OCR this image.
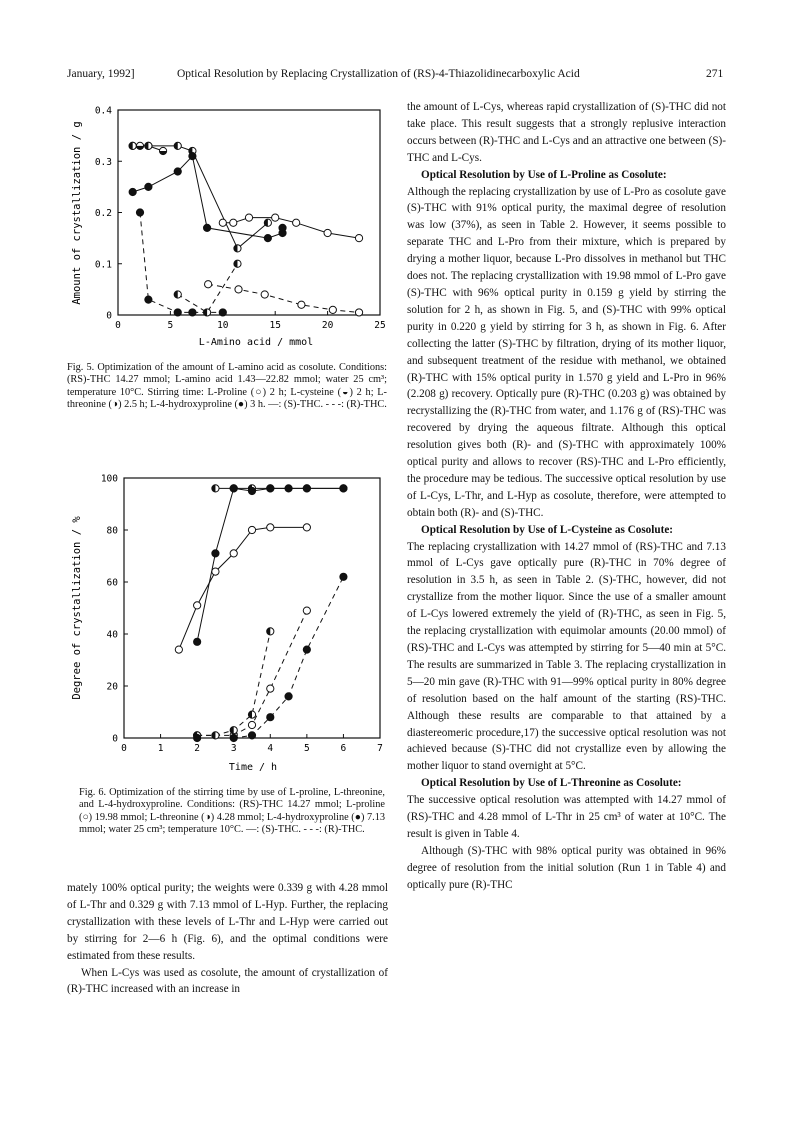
January, 1992]	Optical Resolution by Replacing Crystallization of (RS)-4-Thiazolidinecarboxylic Acid	271
0.4
0.3
0.2
0.1
0
0	5	10	15	20	25
Amount of crystallization / g
L-Amino acid / mmol

Fig. 5. Optimization of the amount of L-amino acid as cosolute. Conditions: (RS)-THC 14.27 mmol; L-amino acid 1.43—22.82 mmol; water 25 cm³; temperature 10°C. Stirring time: L-Proline (○) 2 h; L-cysteine (◒) 2 h; L-threonine (◑) 2.5 h; L-4-hydroxyproline (●) 3 h. —: (S)-THC. - - -: (R)-THC.

100
80
60
40
20
0
0	1	2	3	4	5	6	7
Degree of crystallization / %
Time / h

Fig. 6. Optimization of the stirring time by use of L-proline, L-threonine, and L-4-hydroxyproline. Conditions: (RS)-THC 14.27 mmol; L-proline (○) 19.98 mmol; L-threonine (◑) 4.28 mmol; L-4-hydroxyproline (●) 7.13 mmol; water 25 cm³; temperature 10°C. —: (S)-THC. - - -: (R)-THC.

mately 100% optical purity; the weights were 0.339 g with 4.28 mmol of L-Thr and 0.329 g with 7.13 mmol of L-Hyp. Further, the replacing crystallization with these levels of L-Thr and L-Hyp were carried out by stirring for 2—6 h (Fig. 6), and the optimal conditions were estimated from these results.

When L-Cys was used as cosolute, the amount of crystallization of (R)-THC increased with an increase in

the amount of L-Cys, whereas rapid crystallization of (S)-THC did not take place. This result suggests that a strongly replusive interaction occurs between (R)-THC and L-Cys and an attractive one between (S)-THC and L-Cys.

Optical Resolution by Use of L-Proline as Cosolute:

Although the replacing crystallization by use of L-Pro as cosolute gave (S)-THC with 91% optical purity, the maximal degree of resolution was low (37%), as seen in Table 2. However, it seems possible to separate THC and L-Pro from their mixture, which is prepared by drying a mother liquor, because L-Pro dissolves in methanol but THC does not. The replacing crystallization with 19.98 mmol of L-Pro gave (S)-THC with 96% optical purity in 0.159 g yield by stirring the solution for 2 h, as shown in Fig. 5, and (S)-THC with 99% optical purity in 0.220 g yield by stirring for 3 h, as shown in Fig. 6. After collecting the latter (S)-THC by filtration, drying of its mother liquor, and subsequent treatment of the residue with methanol, we obtained (R)-THC with 15% optical purity in 1.570 g yield and L-Pro in 96% (2.208 g) recovery. Optically pure (R)-THC (0.203 g) was obtained by recrystallizing the (R)-THC from water, and 1.176 g of (RS)-THC was recovered by drying the aqueous filtrate. Although this optical resolution gives both (R)- and (S)-THC with approximately 100% optical purity and allows to recover (RS)-THC and L-Pro efficiently, the procedure may be tedious. The successive optical resolution by use of L-Cys, L-Thr, and L-Hyp as cosolute, therefore, were attempted to obtain both (R)- and (S)-THC.

Optical Resolution by Use of L-Cysteine as Cosolute:

The replacing crystallization with 14.27 mmol of (RS)-THC and 7.13 mmol of L-Cys gave optically pure (R)-THC in 70% degree of resolution in 3.5 h, as seen in Table 2. (S)-THC, however, did not crystallize from the mother liquor. Since the use of a smaller amount of L-Cys lowered extremely the yield of (R)-THC, as seen in Fig. 5, the replacing crystallization with equimolar amounts (20.00 mmol) of (RS)-THC and L-Cys was attempted by stirring for 5—40 min at 5°C. The results are summarized in Table 3. The replacing crystallization in 5—20 min gave (R)-THC with 91—99% optical purity in 80% degree of resolution based on the half amount of the starting (RS)-THC. Although these results are comparable to that attained by a diastereomeric procedure,17) the successive optical resolution was not achieved because (S)-THC did not crystallize even by allowing the mother liquor to stand overnight at 5°C.

Optical Resolution by Use of L-Threonine as Cosolute:

The successive optical resolution was attempted with 14.27 mmol of (RS)-THC and 4.28 mmol of L-Thr in 25 cm³ of water at 10°C. The result is given in Table 4.

Although (S)-THC with 98% optical purity was obtained in 96% degree of resolution from the initial solution (Run 1 in Table 4) and optically pure (R)-THC
